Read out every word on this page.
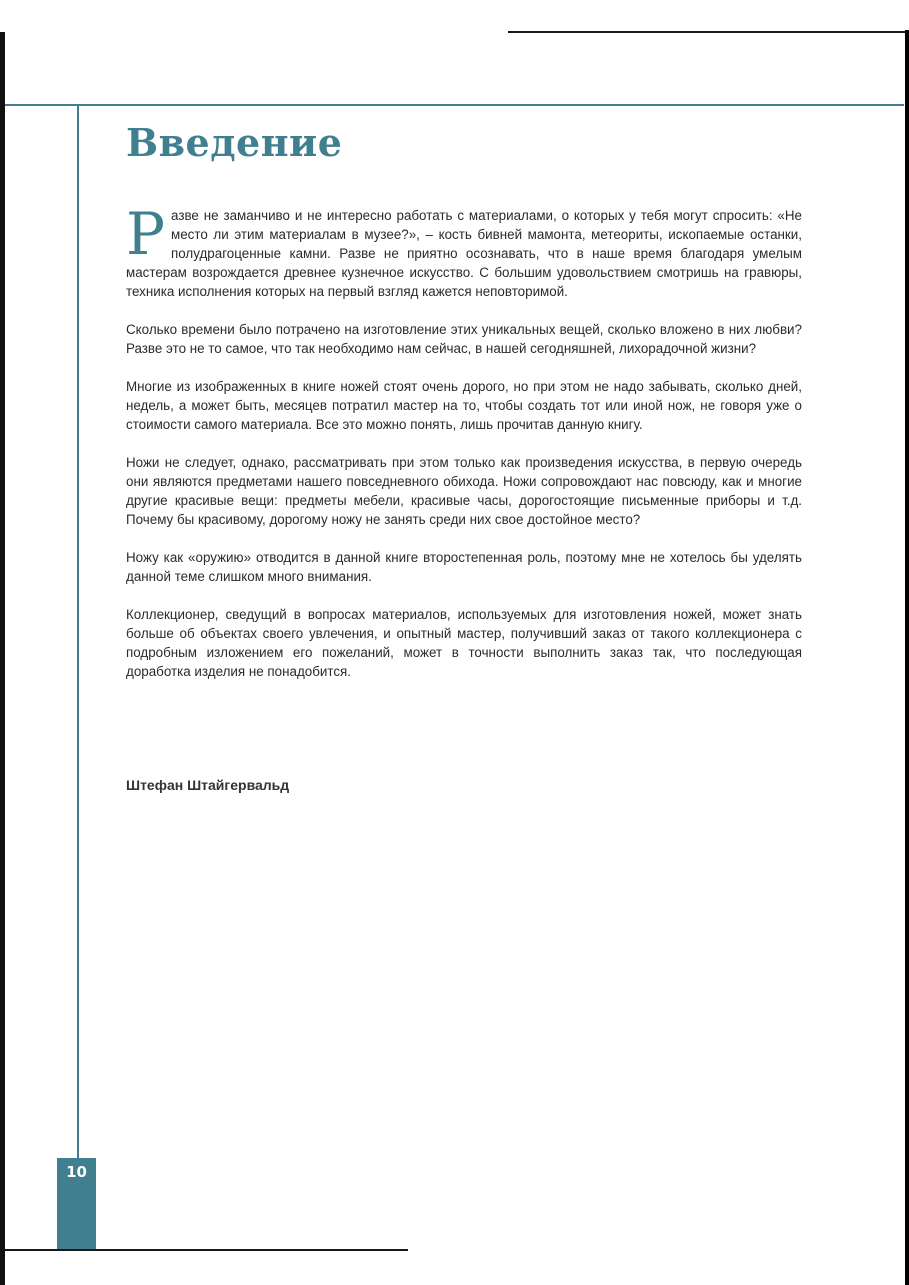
Введение

Разве не заманчиво и не интересно работать с материалами, о которых у тебя могут спросить: «Не место ли этим материалам в музее?», – кость бивней мамонта, метеориты, ископаемые останки, полудрагоценные камни. Разве не приятно осознавать, что в наше время благодаря умелым мастерам возрождается древнее кузнечное искусство. С большим удовольствием смотришь на гравюры, техника исполнения которых на первый взгляд кажется неповторимой.

Сколько времени было потрачено на изготовление этих уникальных вещей, сколько вложено в них любви? Разве это не то самое, что так необходимо нам сейчас, в нашей сегодняшней, лихорадочной жизни?

Многие из изображенных в книге ножей стоят очень дорого, но при этом не надо забывать, сколько дней, недель, а может быть, месяцев потратил мастер на то, чтобы создать тот или иной нож, не говоря уже о стоимости самого материала. Все это можно понять, лишь прочитав данную книгу.

Ножи не следует, однако, рассматривать при этом только как произведения искусства, в первую очередь они являются предметами нашего повседневного обихода. Ножи сопровождают нас повсюду, как и многие другие красивые вещи: предметы мебели, красивые часы, дорогостоящие письменные приборы и т.д. Почему бы красивому, дорогому ножу не занять среди них свое достойное место?

Ножу как «оружию» отводится в данной книге второстепенная роль, поэтому мне не хотелось бы уделять данной теме слишком много внимания.

Коллекционер, сведущий в вопросах материалов, используемых для изготовления ножей, может знать больше об объектах своего увлечения, и опытный мастер, получивший заказ от такого коллекционера с подробным изложением его пожеланий, может в точности выполнить заказ так, что последующая доработка изделия не понадобится.

Штефан Штайгервальд
10
